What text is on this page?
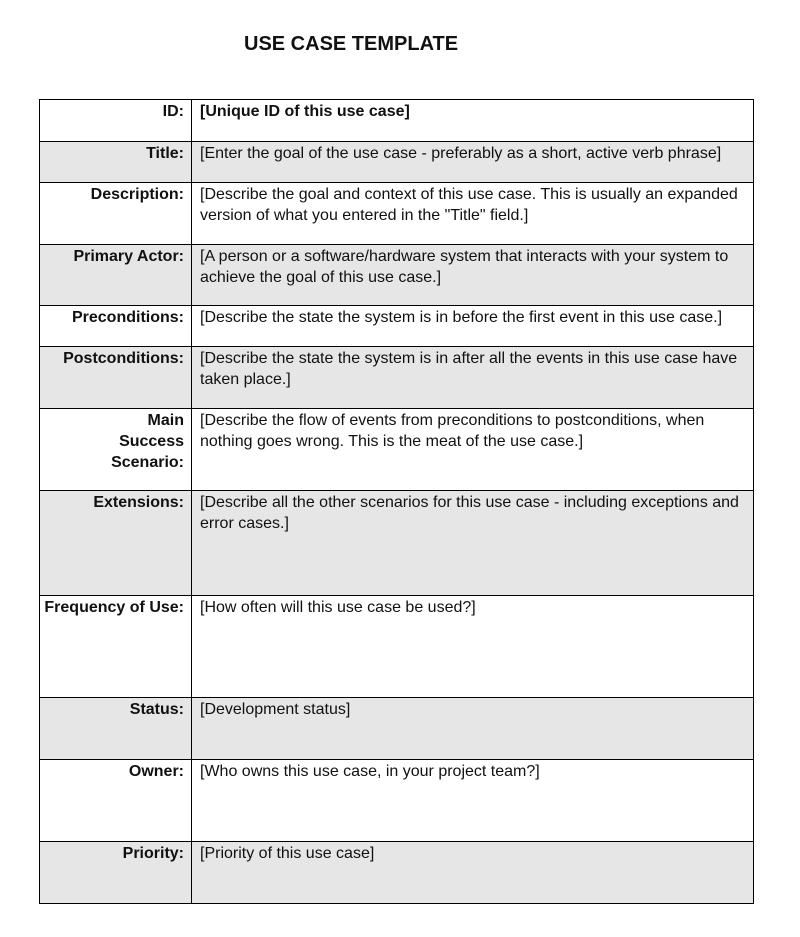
USE CASE TEMPLATE
ID:	[Unique ID of this use case]

Title:	[Enter the goal of the use case - preferably as a short, active verb phrase]

Description:	[Describe the goal and context of this use case. This is usually an expanded version of what you entered in the "Title" field.]

Primary Actor:	[A person or a software/hardware system that interacts with your system to achieve the goal of this use case.]

Preconditions:	[Describe the state the system is in before the first event in this use case.]

Postconditions:	[Describe the state the system is in after all the events in this use case have taken place.]

Main
Success Scenario:	[Describe the flow of events from preconditions to postconditions, when nothing goes wrong. This is the meat of the use case.]

Extensions:	[Describe all the other scenarios for this use case - including exceptions and error cases.]

Frequency of Use:	[How often will this use case be used?]

Status:	[Development status]

Owner:	[Who owns this use case, in your project team?]

Priority:	[Priority of this use case]
